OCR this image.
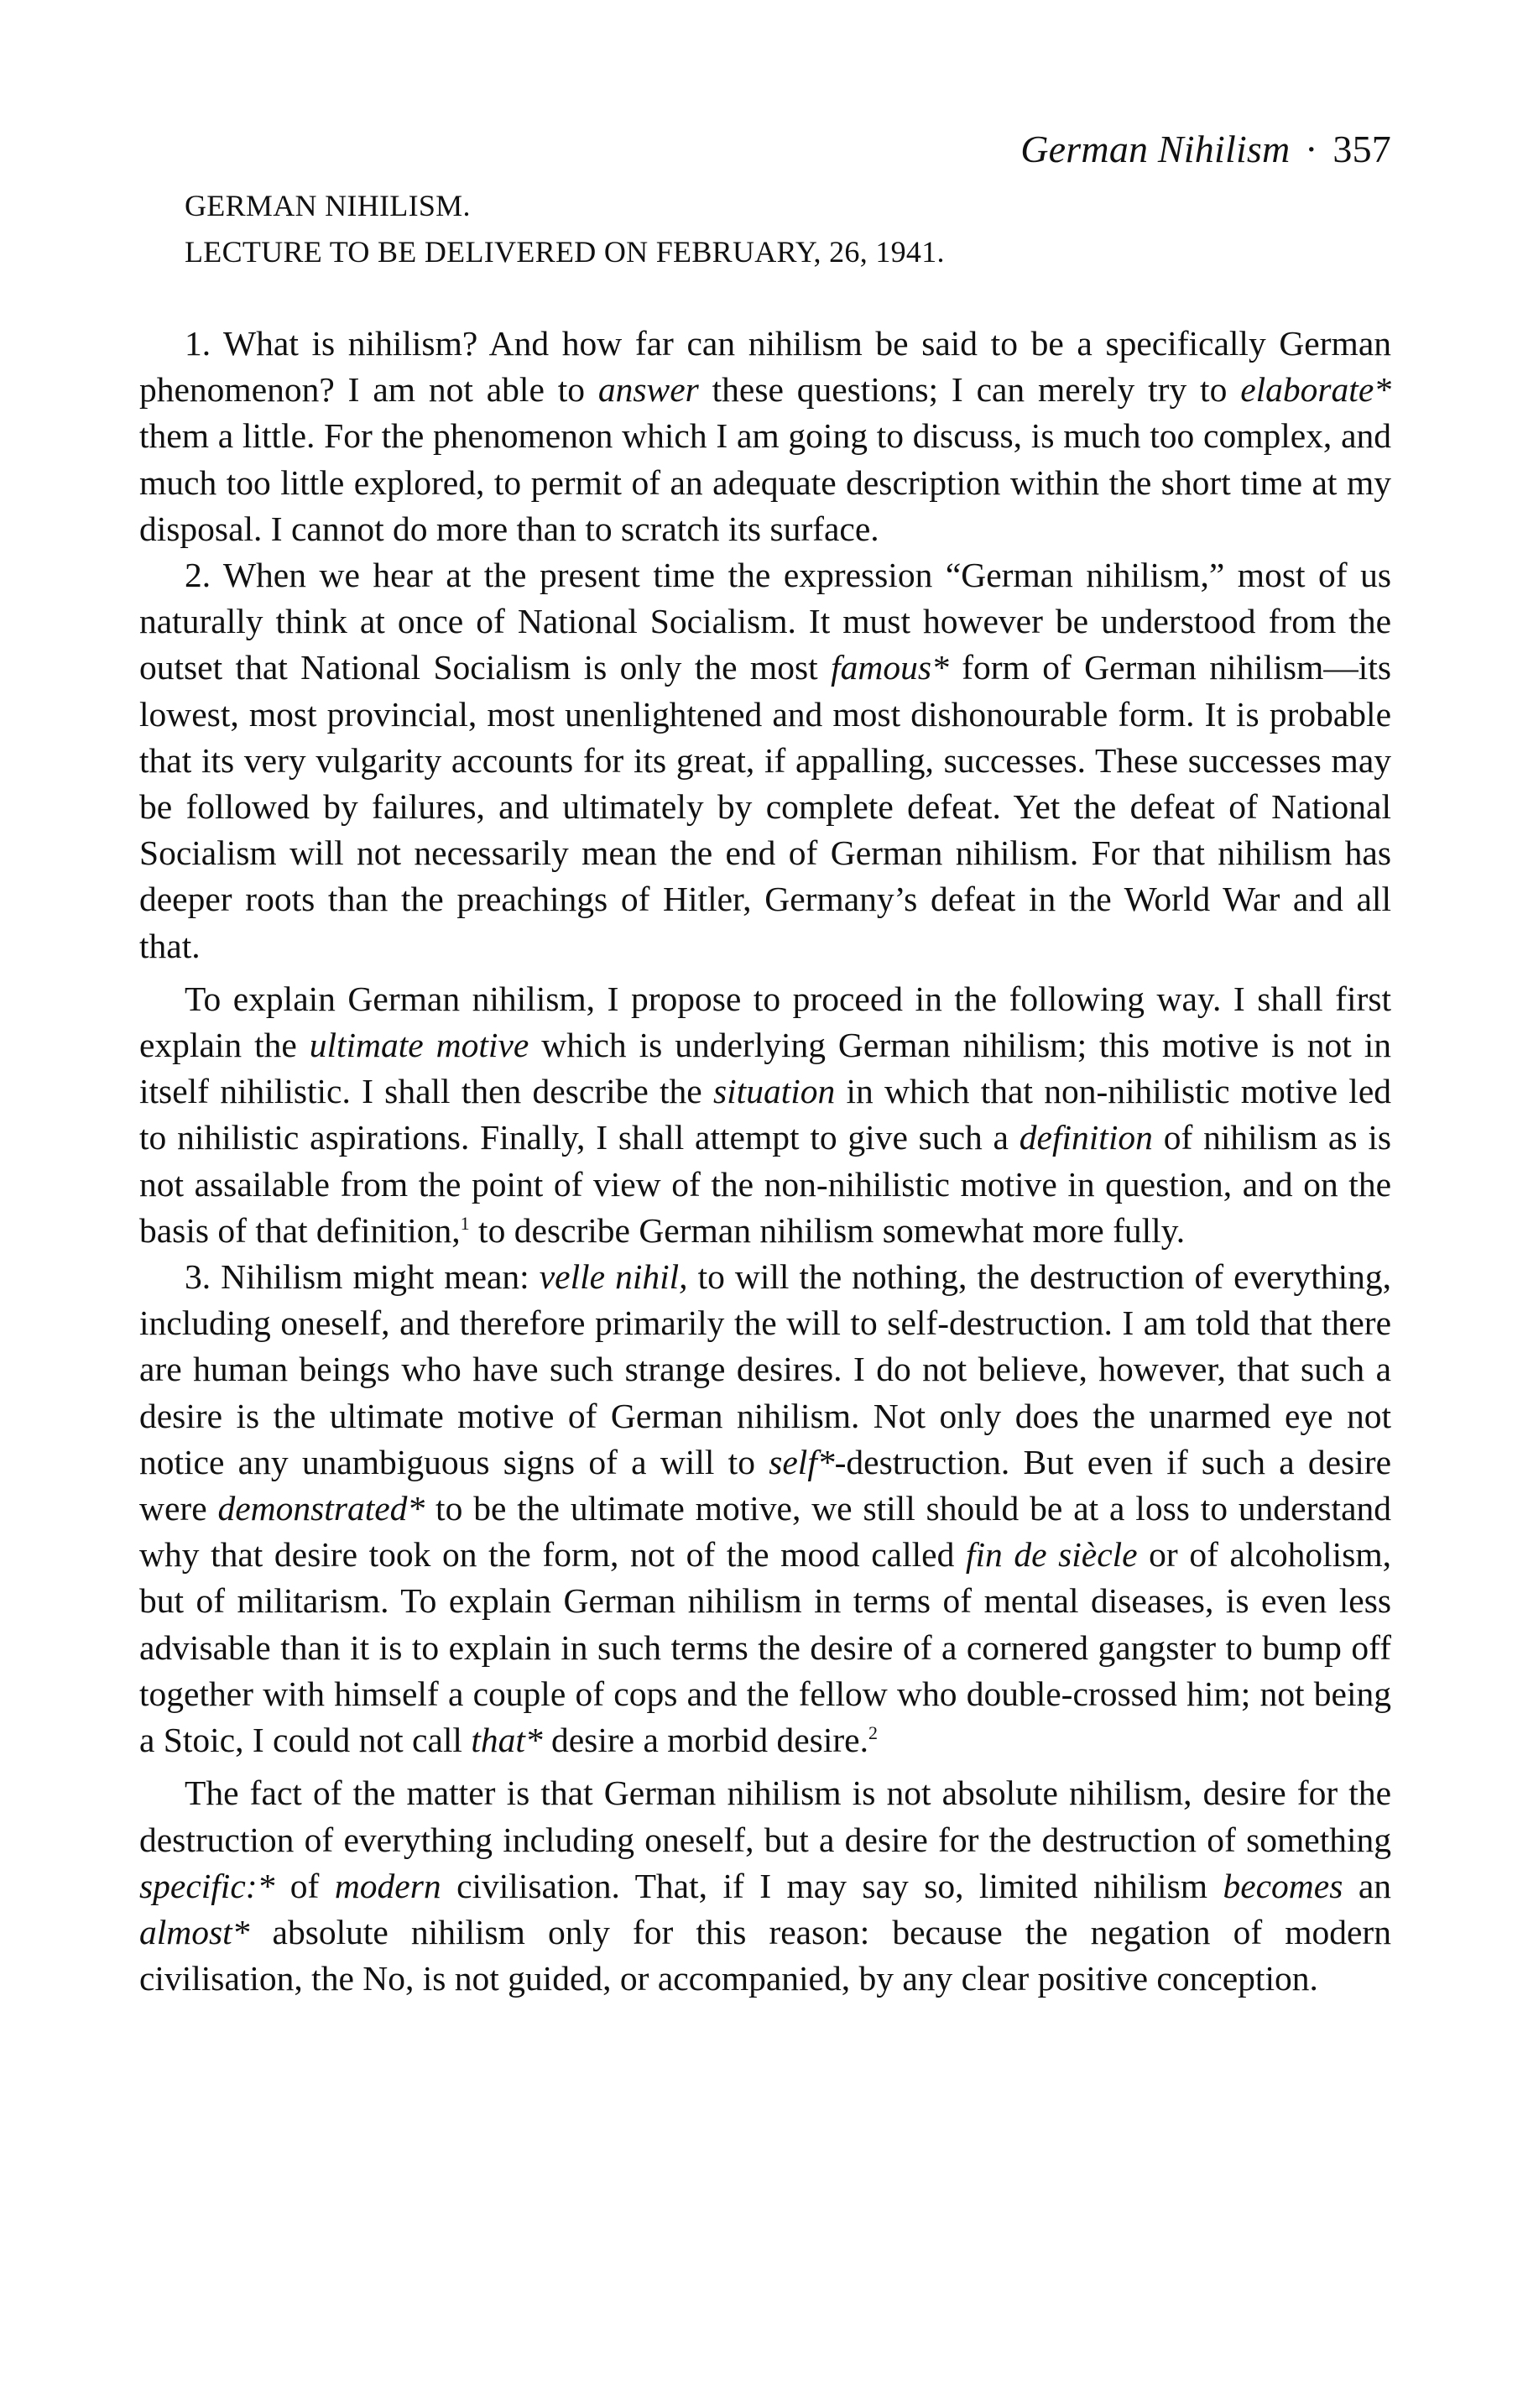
German Nihilism · 357

GERMAN NIHILISM.

LECTURE TO BE DELIVERED ON FEBRUARY, 26, 1941.

1. What is nihilism? And how far can nihilism be said to be a specifically German phenomenon? I am not able to answer these questions; I can merely try to elaborate* them a little. For the phenomenon which I am going to discuss, is much too complex, and much too little explored, to permit of an adequate description within the short time at my disposal. I cannot do more than to scratch its surface.

2. When we hear at the present time the expression “German nihilism,” most of us naturally think at once of National Socialism. It must however be understood from the outset that National Socialism is only the most famous* form of German nihilism—its lowest, most provincial, most unenlightened and most dishonourable form. It is probable that its very vulgarity accounts for its great, if appalling, successes. These successes may be followed by failures, and ultimately by complete defeat. Yet the defeat of National Socialism will not necessarily mean the end of German nihilism. For that nihilism has deeper roots than the preachings of Hitler, Germany’s defeat in the World War and all that.

To explain German nihilism, I propose to proceed in the following way. I shall first explain the ultimate motive which is underlying German nihilism; this motive is not in itself nihilistic. I shall then describe the situation in which that non-nihilistic motive led to nihilistic aspirations. Finally, I shall attempt to give such a definition of nihilism as is not assailable from the point of view of the non-nihilistic motive in question, and on the basis of that definition,$^1$ to describe German nihilism somewhat more fully.

3. Nihilism might mean: velle nihil, to will the nothing, the destruction of everything, including oneself, and therefore primarily the will to self-destruction. I am told that there are human beings who have such strange desires. I do not believe, however, that such a desire is the ultimate motive of German nihilism. Not only does the unarmed eye not notice any unambiguous signs of a will to self*-destruction. But even if such a desire were demonstrated* to be the ultimate motive, we still should be at a loss to understand why that desire took on the form, not of the mood called fin de siècle or of alcoholism, but of militarism. To explain German nihilism in terms of mental diseases, is even less advisable than it is to explain in such terms the desire of a cornered gangster to bump off together with himself a couple of cops and the fellow who double-crossed him; not being a Stoic, I could not call that* desire a morbid desire.$^2$

The fact of the matter is that German nihilism is not absolute nihilism, desire for the destruction of everything including oneself, but a desire for the destruction of something specific:* of modern civilisation. That, if I may say so, limited nihilism becomes an almost* absolute nihilism only for this reason: because the negation of modern civilisation, the No, is not guided, or accompanied, by any clear positive conception.
